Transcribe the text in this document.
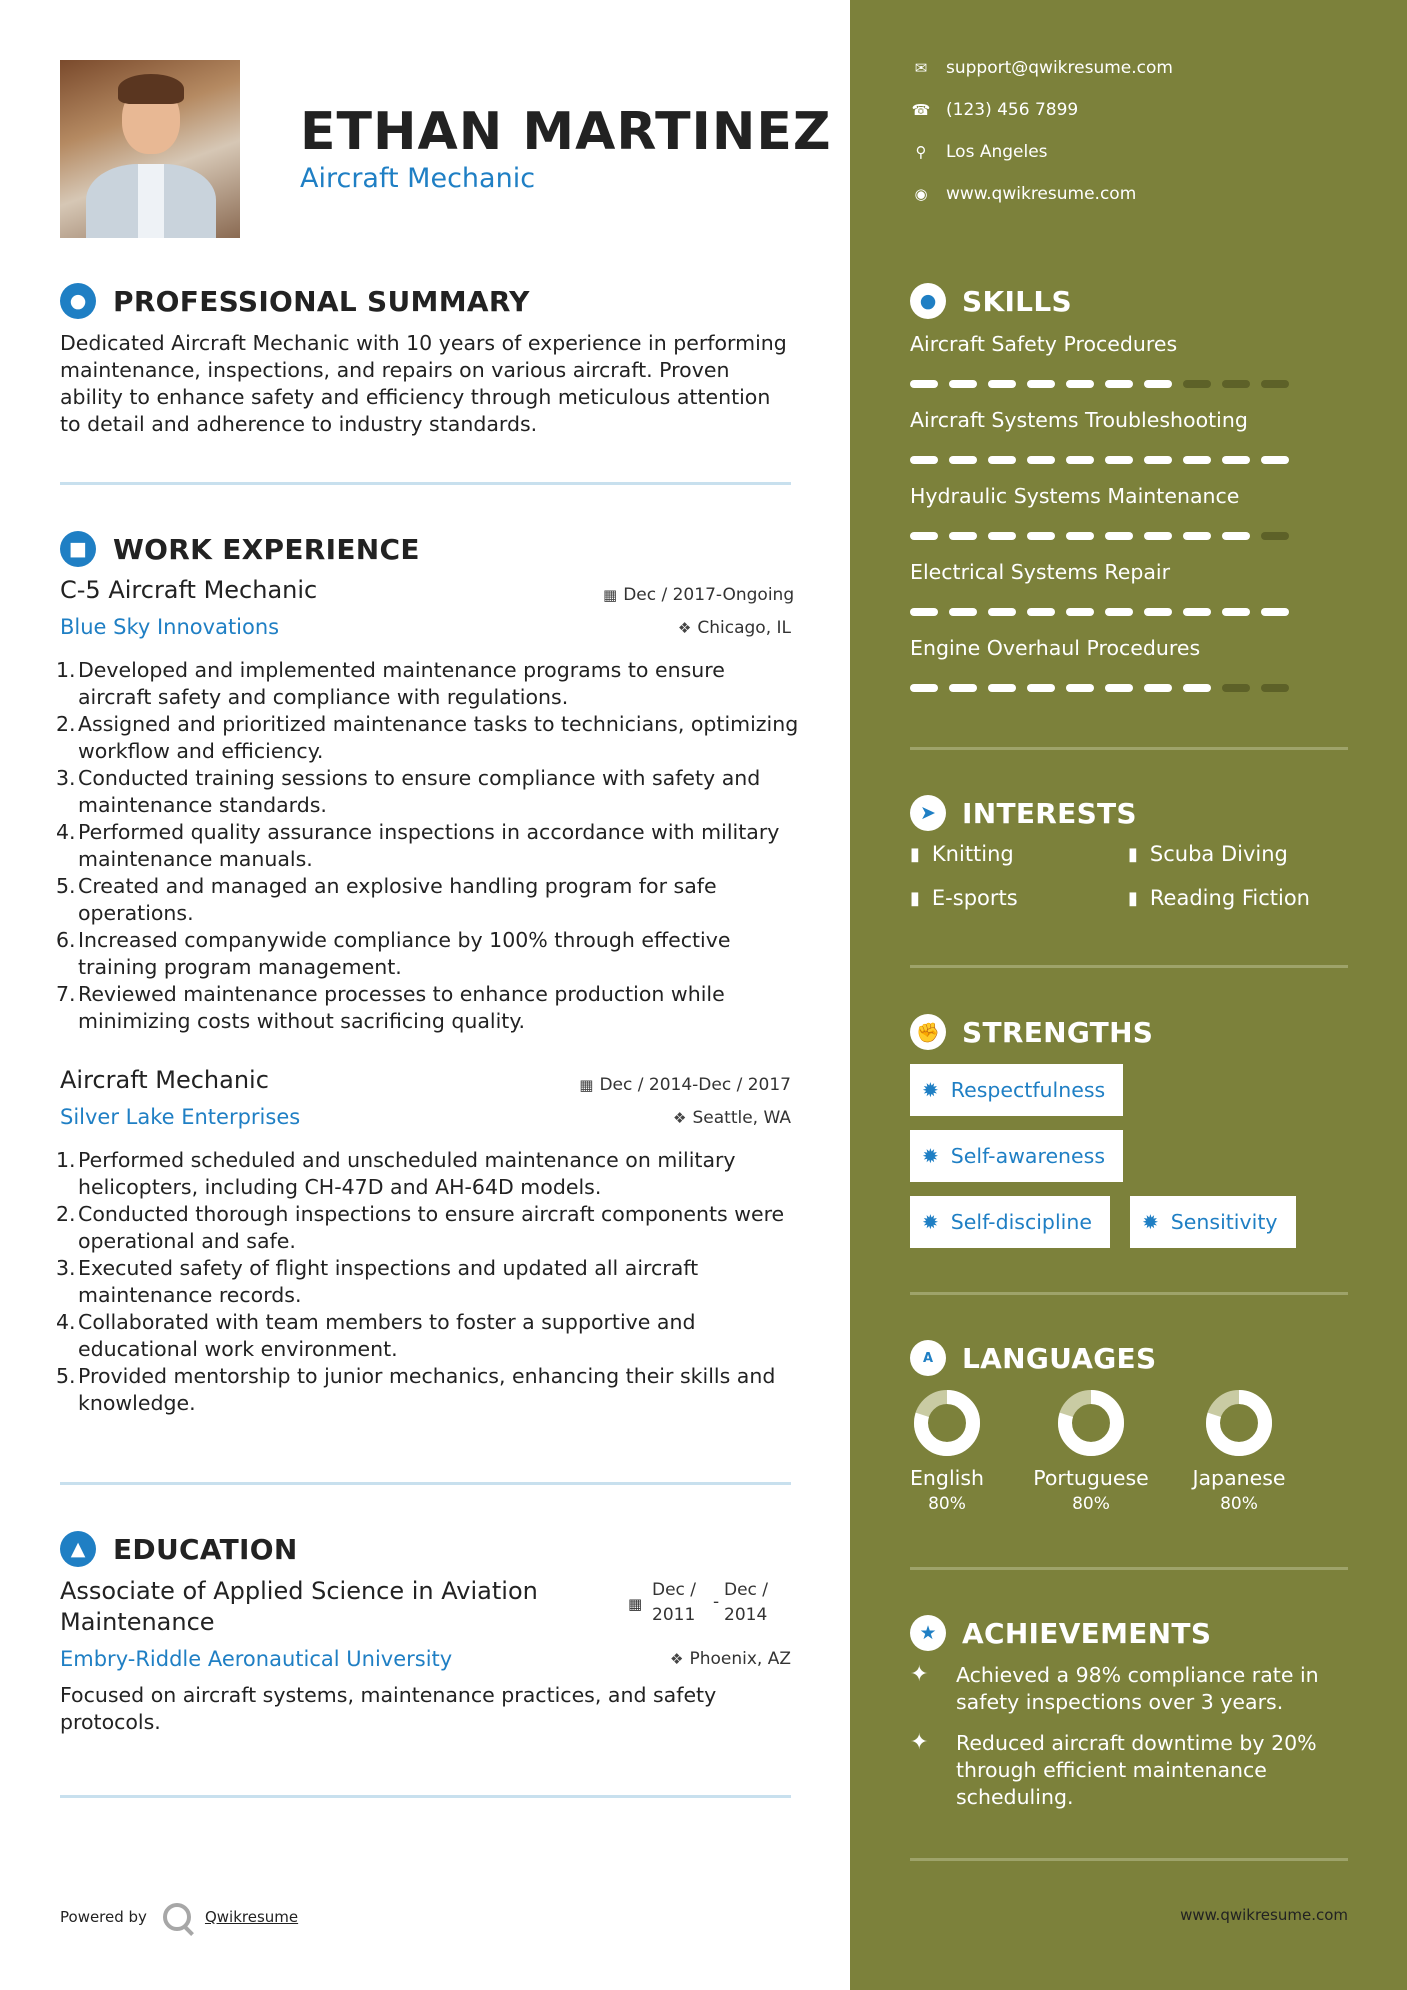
ETHAN MARTINEZ
Aircraft Mechanic
● PROFESSIONAL SUMMARY
Dedicated Aircraft Mechanic with 10 years of experience in performing maintenance, inspections, and repairs on various aircraft. Proven ability to enhance safety and efficiency through meticulous attention to detail and adherence to industry standards.
■ WORK EXPERIENCE
C-5 Aircraft Mechanic	▦ Dec / 2017-Ongoing
Blue Sky Innovations	❖ Chicago, IL
Developed and implemented maintenance programs to ensure aircraft safety and compliance with regulations.
Assigned and prioritized maintenance tasks to technicians, optimizing workflow and efficiency.
Conducted training sessions to ensure compliance with safety and maintenance standards.
Performed quality assurance inspections in accordance with military maintenance manuals.
Created and managed an explosive handling program for safe operations.
Increased companywide compliance by 100% through effective training program management.
Reviewed maintenance processes to enhance production while minimizing costs without sacrificing quality.
Aircraft Mechanic	▦ Dec / 2014-Dec / 2017
Silver Lake Enterprises	❖ Seattle, WA
Performed scheduled and unscheduled maintenance on military helicopters, including CH-47D and AH-64D models.
Conducted thorough inspections to ensure aircraft components were operational and safe.
Executed safety of flight inspections and updated all aircraft maintenance records.
Collaborated with team members to foster a supportive and educational work environment.
Provided mentorship to junior mechanics, enhancing their skills and knowledge.
▲ EDUCATION
Associate of Applied Science in Aviation Maintenance
▦
Dec /
2011
-
Dec /
2014
Embry-Riddle Aeronautical University	❖ Phoenix, AZ
Focused on aircraft systems, maintenance practices, and safety protocols.
Powered by	Qwikresume
✉ support@qwikresume.com
☎ (123) 456 7899
⚲	Los Angeles
◉ www.qwikresume.com
● SKILLS
Aircraft Safety Procedures
Aircraft Systems Troubleshooting
Hydraulic Systems Maintenance
Electrical Systems Repair
Engine Overhaul Procedures
➤ INTERESTS
▮ Knitting	▮ Scuba Diving
▮ E-sports	▮ Reading Fiction
✊ STRENGTHS
✹ Respectfulness
✹ Self-awareness
✹ Self-discipline	✹ Sensitivity
A	LANGUAGES
English
80%
Portuguese
80%
Japanese
80%
★ ACHIEVEMENTS
✦	Achieved a 98% compliance rate in safety inspections over 3 years.
✦	Reduced aircraft downtime by 20% through efficient maintenance scheduling.
www.qwikresume.com
